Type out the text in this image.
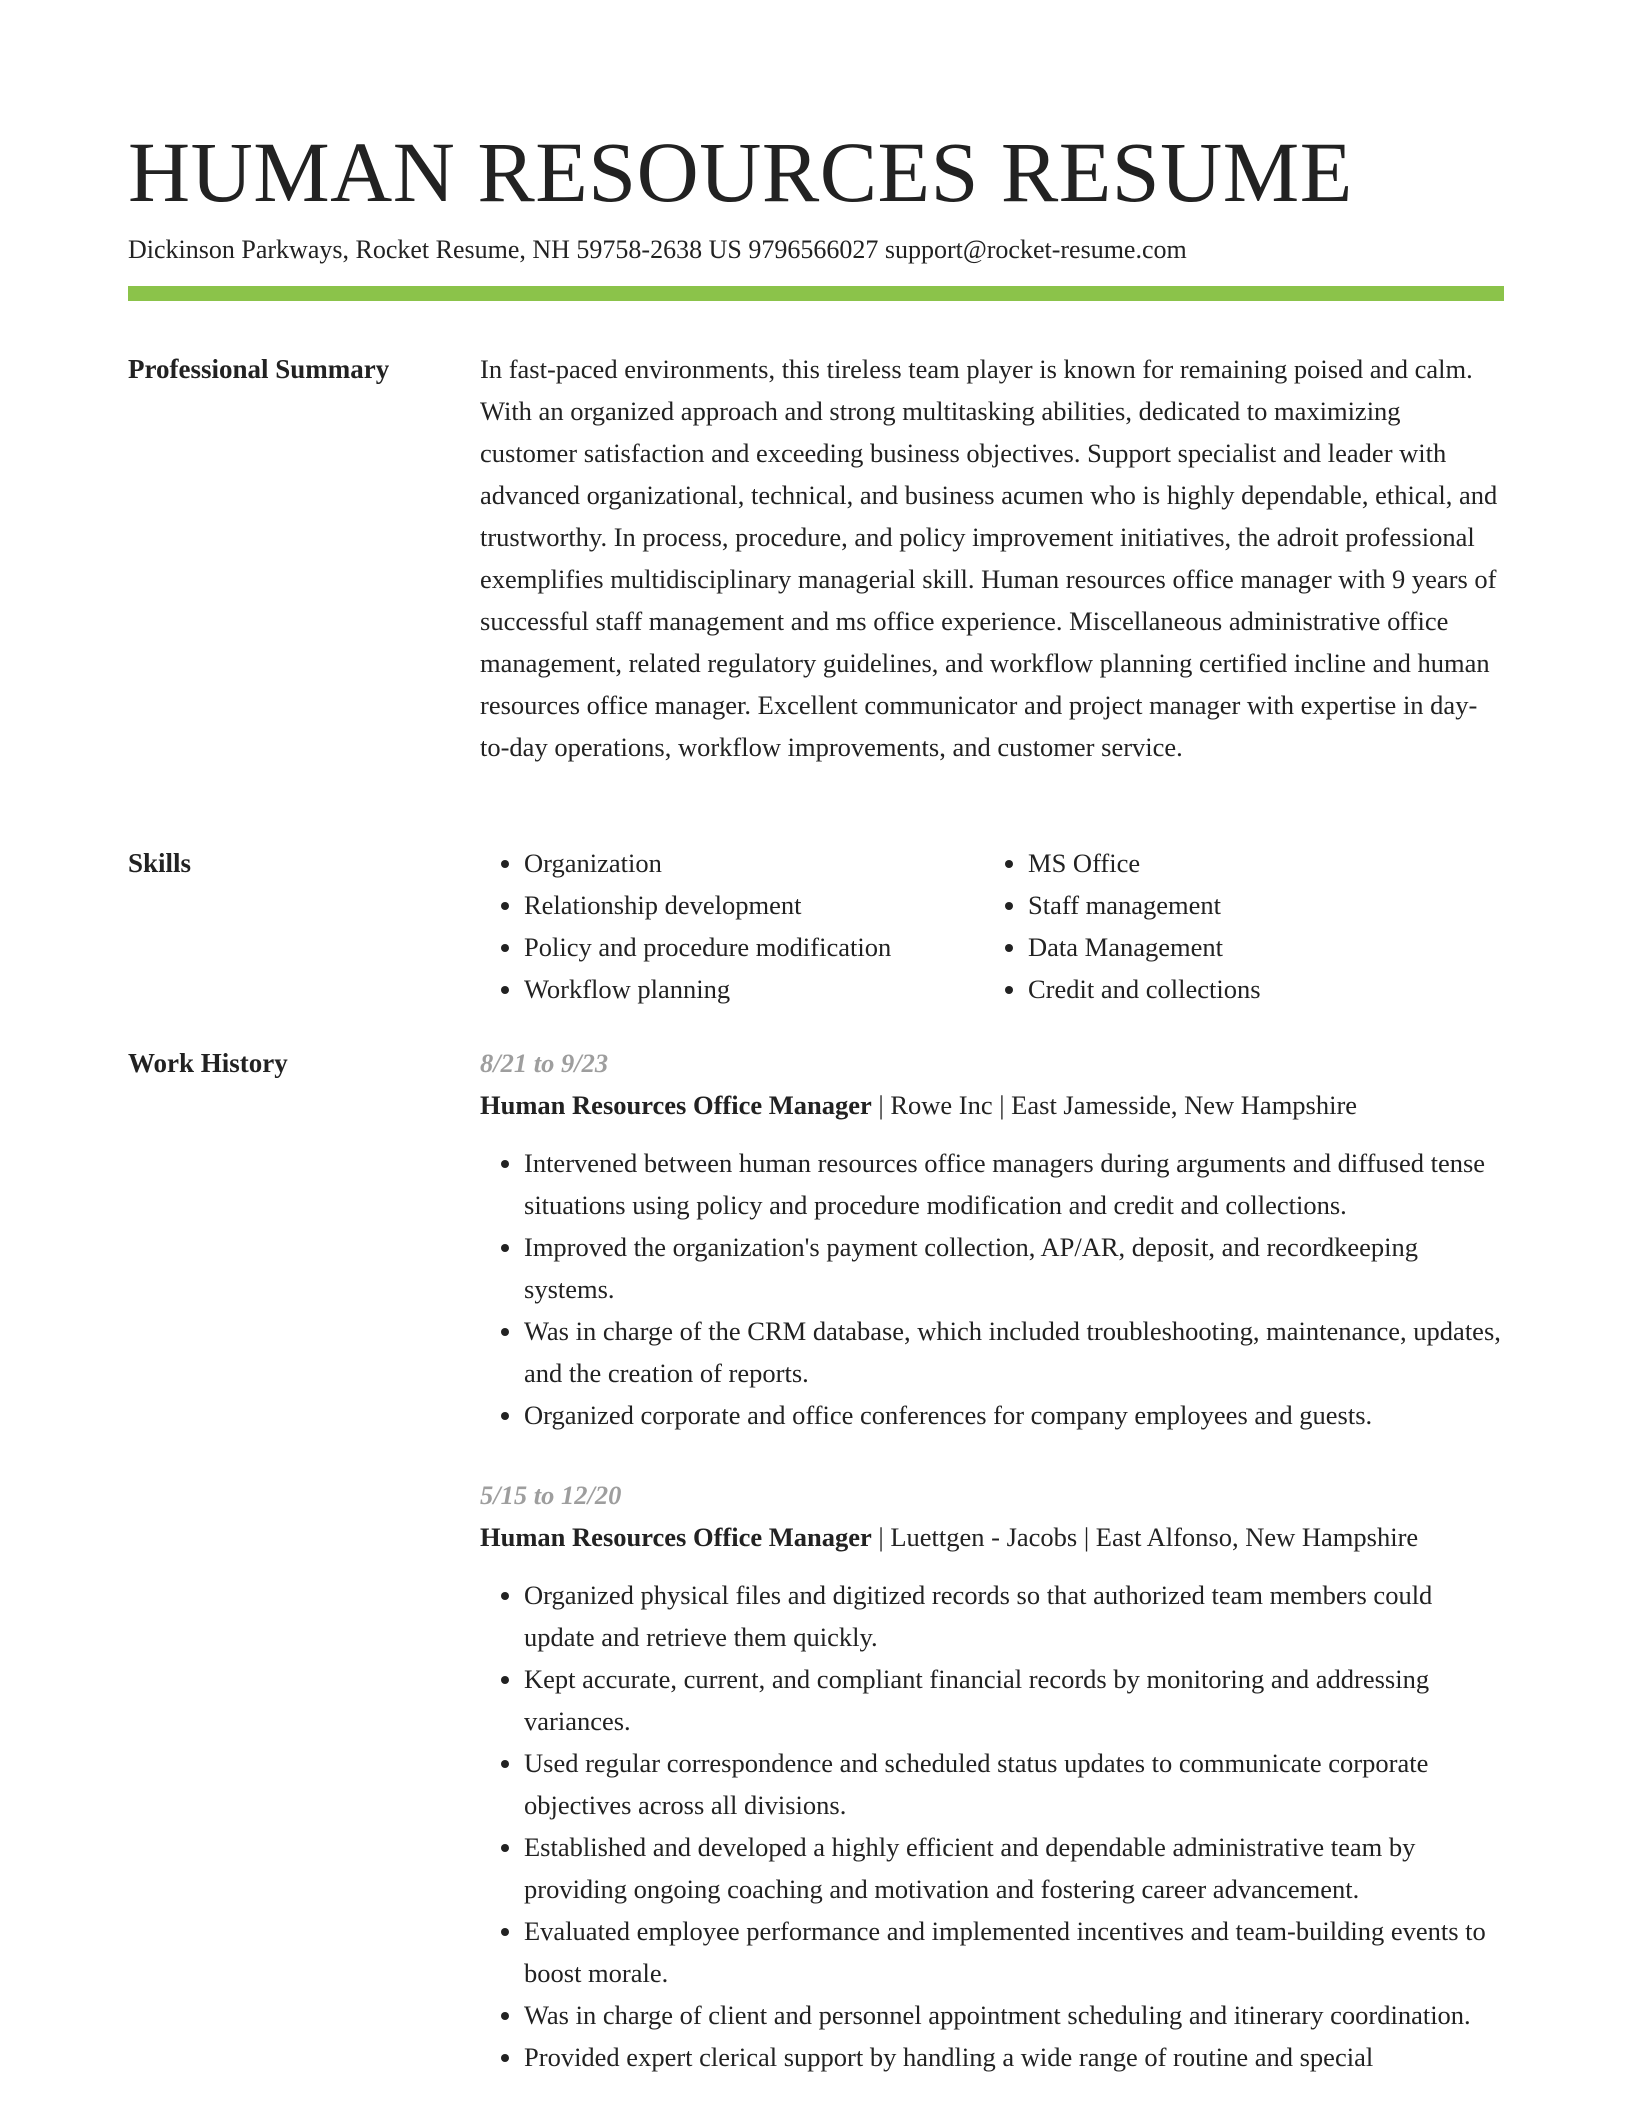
HUMAN RESOURCES RESUME
Dickinson Parkways, Rocket Resume, NH 59758-2638 US 9796566027 support@rocket-resume.com
Professional Summary	In fast-paced environments, this tireless team player is known for remaining poised and calm. With an organized approach and strong multitasking abilities, dedicated to maximizing customer satisfaction and exceeding business objectives. Support specialist and leader with advanced organizational, technical, and business acumen who is highly dependable, ethical, and trustworthy. In process, procedure, and policy improvement initiatives, the adroit professional exemplifies multidisciplinary managerial skill. Human resources office manager with 9 years of successful staff management and ms office experience. Miscellaneous administrative office management, related regulatory guidelines, and workflow planning certified incline and human resources office manager. Excellent communicator and project manager with expertise in day-to-day operations, workflow improvements, and customer service.

Skills
•	Organization
• Relationship development
• Policy and procedure modification
• Workflow planning
• MS Office
• Staff management
• Data Management
• Credit and collections
Work History	8/21 to 9/23
Human Resources Office Manager | Rowe Inc | East Jamesside, New Hampshire
• Intervened between human resources office managers during arguments and diffused tense situations using policy and procedure modification and credit and collections.
• Improved the organization's payment collection, AP/AR, deposit, and recordkeeping systems.
• Was in charge of the CRM database, which included troubleshooting, maintenance, updates, and the creation of reports.
• Organized corporate and office conferences for company employees and guests.
5/15 to 12/20
Human Resources Office Manager | Luettgen - Jacobs | East Alfonso, New Hampshire
• Organized physical files and digitized records so that authorized team members could update and retrieve them quickly.
• Kept accurate, current, and compliant financial records by monitoring and addressing variances.
• Used regular correspondence and scheduled status updates to communicate corporate objectives across all divisions.
• Established and developed a highly efficient and dependable administrative team by providing ongoing coaching and motivation and fostering career advancement.
• Evaluated employee performance and implemented incentives and team-building events to boost morale.
• Was in charge of client and personnel appointment scheduling and itinerary coordination.
• Provided expert clerical support by handling a wide range of routine and special
